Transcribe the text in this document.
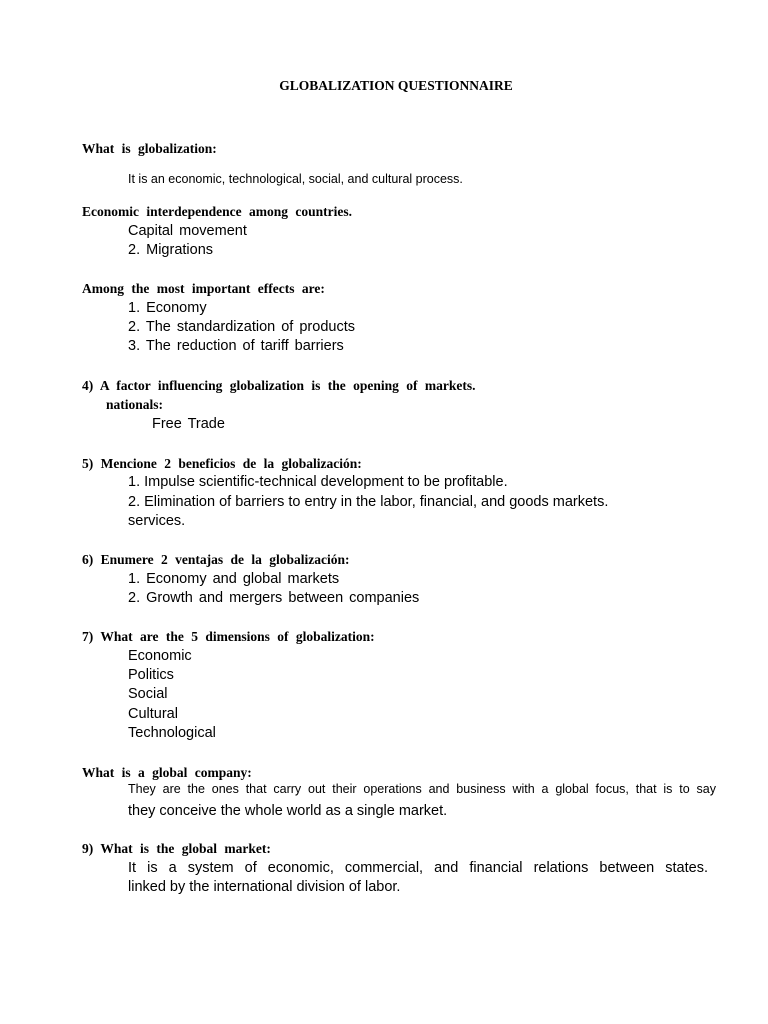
GLOBALIZATION QUESTIONNAIRE

What is globalization:

It is an economic, technological, social, and cultural process.

Economic interdependence among countries.

Capital movement

2. Migrations

Among the most important effects are:

1. Economy

2. The standardization of products

3. The reduction of tariff barriers

4) A factor influencing globalization is the opening of markets.

nationals:

Free Trade

5) Mencione 2 beneficios de la globalización:

1. Impulse scientific-technical development to be profitable.

2. Elimination of barriers to entry in the labor, financial, and goods markets.

services.

6) Enumere 2 ventajas de la globalización:

1. Economy and global markets

2. Growth and mergers between companies

7) What are the 5 dimensions of globalization:

Economic

Politics

Social

Cultural

Technological

What is a global company:

They are the ones that carry out their operations and business with a global focus, that is to say

they conceive the whole world as a single market.

9) What is the global market:

It is a system of economic, commercial, and financial relations between states.

linked by the international division of labor.
